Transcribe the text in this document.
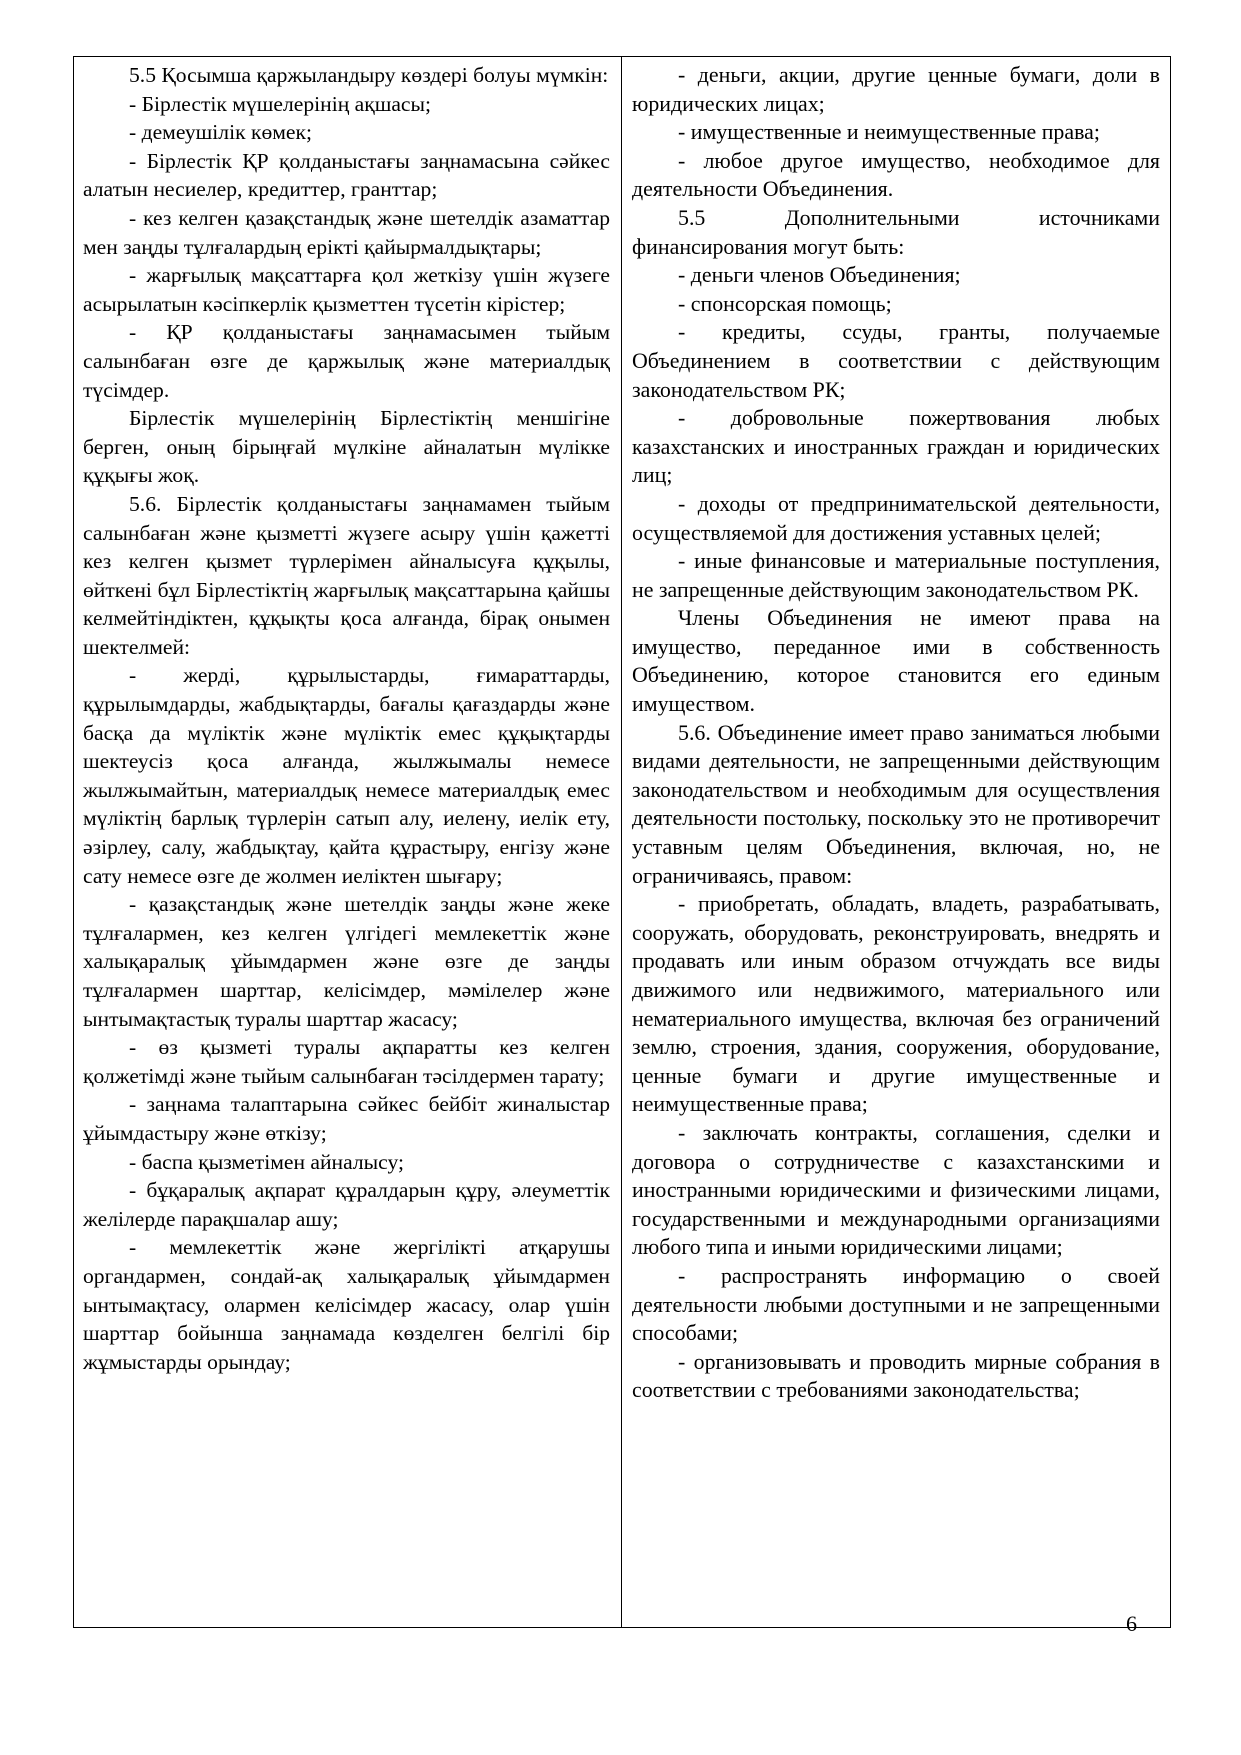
5.5 Қосымша қаржыландыру көздері болуы мүмкін:

- Бірлестік мүшелерінің ақшасы;

- демеушілік көмек;

- Бірлестік ҚР қолданыстағы заңнамасына сәйкес алатын несиелер, кредиттер, гранттар;

- кез келген қазақстандық және шетелдік азаматтар мен заңды тұлғалардың ерікті қайырмалдықтары;

- жарғылық мақсаттарға қол жеткізу үшін жүзеге асырылатын кәсіпкерлік қызметтен түсетін кірістер;

- ҚР қолданыстағы заңнамасымен тыйым салынбаған өзге де қаржылық және материалдық түсімдер.

Бірлестік мүшелерінің Бірлестіктің меншігіне берген, оның бірыңғай мүлкіне айналатын мүлікке құқығы жоқ.

5.6. Бірлестік қолданыстағы заңнамамен тыйым салынбаған және қызметті жүзеге асыру үшін қажетті кез келген қызмет түрлерімен айналысуға құқылы, өйткені бұл Бірлестіктің жарғылық мақсаттарына қайшы келмейтіндіктен, құқықты қоса алғанда, бірақ онымен шектелмей:

- жерді, құрылыстарды, ғимараттарды, құрылымдарды, жабдықтарды, бағалы қағаздарды және басқа да мүліктік және мүліктік емес құқықтарды шектеусіз қоса алғанда, жылжымалы немесе жылжымайтын, материалдық немесе материалдық емес мүліктің барлық түрлерін сатып алу, иелену, иелік ету, әзірлеу, салу, жабдықтау, қайта құрастыру, енгізу және сату немесе өзге де жолмен иеліктен шығару;

- қазақстандық және шетелдік заңды және жеке тұлғалармен, кез келген үлгідегі мемлекеттік және халықаралық ұйымдармен және өзге де заңды тұлғалармен шарттар, келісімдер, мәмілелер және ынтымақтастық туралы шарттар жасасу;

- өз қызметі туралы ақпаратты кез келген қолжетімді және тыйым салынбаған тәсілдермен тарату;

- заңнама талаптарына сәйкес бейбіт жиналыстар ұйымдастыру және өткізу;

- баспа қызметімен айналысу;

- бұқаралық ақпарат құралдарын құру, әлеуметтік желілерде парақшалар ашу;

- мемлекеттік және жергілікті атқарушы органдармен, сондай-ақ халықаралық ұйымдармен ынтымақтасу, олармен келісімдер жасасу, олар үшін шарттар бойынша заңнамада көзделген белгілі бір жұмыстарды орындау;

- деньги, акции, другие ценные бумаги, доли в юридических лицах;

- имущественные и неимущественные права;

- любое другое имущество, необходимое для деятельности Объединения.

5.5 Дополнительными источниками финансирования могут быть:

- деньги членов Объединения;

- спонсорская помощь;

- кредиты, ссуды, гранты, получаемые Объединением в соответствии с действующим законодательством РК;

- добровольные пожертвования любых казахстанских и иностранных граждан и юридических лиц;

- доходы от предпринимательской деятельности, осуществляемой для достижения уставных целей;

- иные финансовые и материальные поступления, не запрещенные действующим законодательством РК.

Члены Объединения не имеют права на имущество, переданное ими в собственность Объединению, которое становится его единым имуществом.

5.6. Объединение имеет право заниматься любыми видами деятельности, не запрещенными действующим законодательством и необходимым для осуществления деятельности постольку, поскольку это не противоречит уставным целям Объединения, включая, но, не ограничиваясь, правом:

- приобретать, обладать, владеть, разрабатывать, сооружать, оборудовать, реконструировать, внедрять и продавать или иным образом отчуждать все виды движимого или недвижимого, материального или нематериального имущества, включая без ограничений землю, строения, здания, сооружения, оборудование, ценные бумаги и другие имущественные и неимущественные права;

- заключать контракты, соглашения, сделки и договора о сотрудничестве с казахстанскими и иностранными юридическими и физическими лицами, государственными и международными организациями любого типа и иными юридическими лицами;

- распространять информацию о своей деятельности любыми доступными и не запрещенными способами;

- организовывать и проводить мирные собрания в соответствии с требованиями законодательства;

6
